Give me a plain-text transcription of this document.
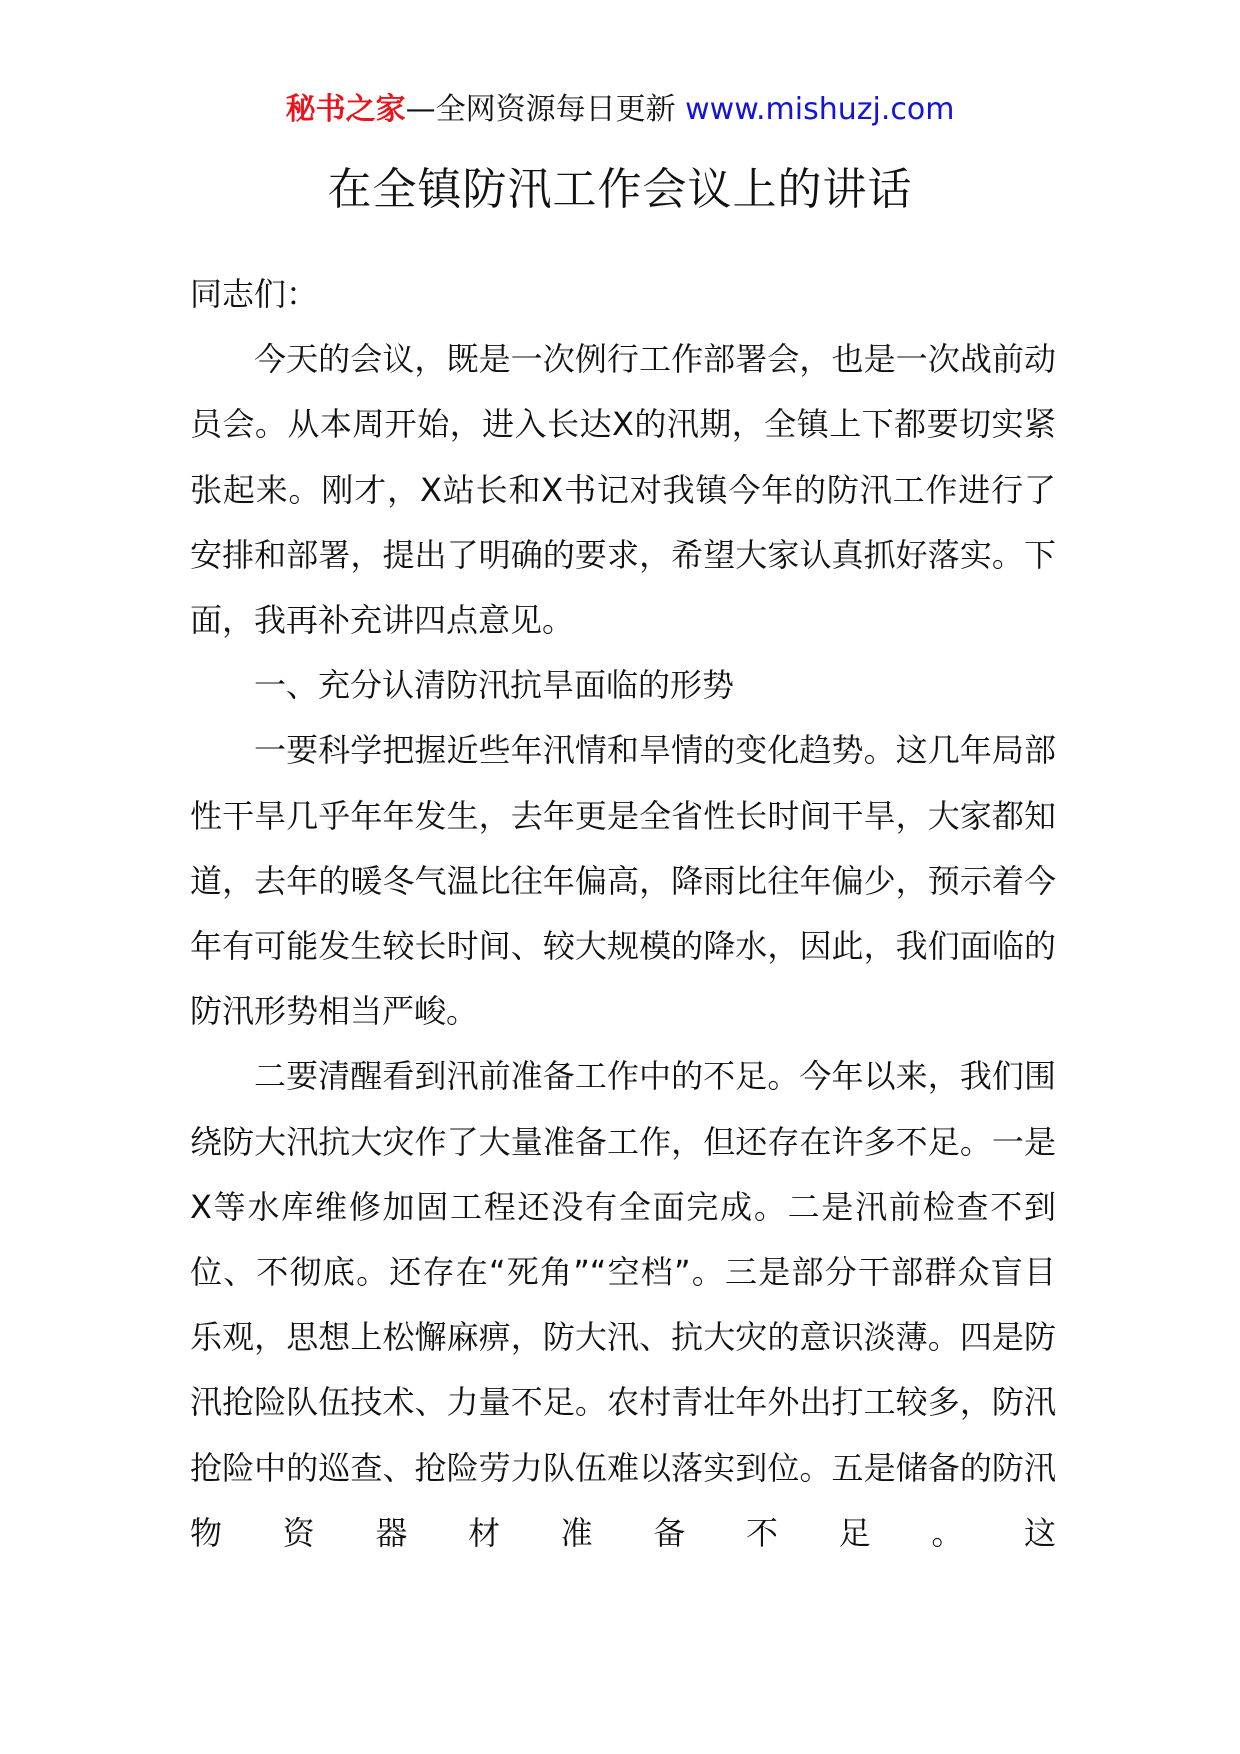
秘书之家—全网资源每日更新 www.mishuzj.com
在全镇防汛工作会议上的讲话

同志们：

今天的会议，既是一次例行工作部署会，也是一次战前动员会。从本周开始，进入长达X的汛期，全镇上下都要切实紧张起来。刚才，X站长和X书记对我镇今年的防汛工作进行了安排和部署，提出了明确的要求，希望大家认真抓好落实。下面，我再补充讲四点意见。

一、充分认清防汛抗旱面临的形势

一要科学把握近些年汛情和旱情的变化趋势。这几年局部性干旱几乎年年发生，去年更是全省性长时间干旱，大家都知道，去年的暖冬气温比往年偏高，降雨比往年偏少，预示着今年有可能发生较长时间、较大规模的降水，因此，我们面临的防汛形势相当严峻。

二要清醒看到汛前准备工作中的不足。今年以来，我们围绕防大汛抗大灾作了大量准备工作，但还存在许多不足。一是X等水库维修加固工程还没有全面完成。二是汛前检查不到位、不彻底。还存在“死角”“空档”。三是部分干部群众盲目乐观，思想上松懈麻痹，防大汛、抗大灾的意识淡薄。四是防汛抢险队伍技术、力量不足。农村青壮年外出打工较多，防汛抢险中的巡查、抢险劳力队伍难以落实到位。五是储备的防汛物资器材准备不足。这
